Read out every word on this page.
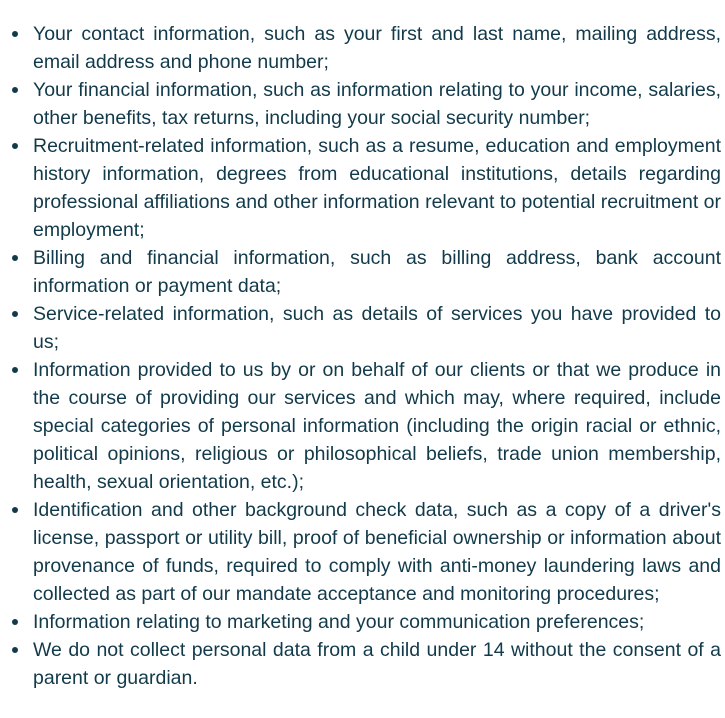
Your contact information, such as your first and last name, mailing address, email address and phone number;
Your financial information, such as information relating to your income, salaries, other benefits, tax returns, including your social security number;
Recruitment-related information, such as a resume, education and employment history information, degrees from educational institutions, details regarding professional affiliations and other information relevant to potential recruitment or employment;
Billing and financial information, such as billing address, bank account information or payment data;
Service-related information, such as details of services you have provided to us;
Information provided to us by or on behalf of our clients or that we produce in the course of providing our services and which may, where required, include special categories of personal information (including the origin racial or ethnic, political opinions, religious or philosophical beliefs, trade union membership, health, sexual orientation, etc.);
Identification and other background check data, such as a copy of a driver's license, passport or utility bill, proof of beneficial ownership or information about provenance of funds, required to comply with anti-money laundering laws and collected as part of our mandate acceptance and monitoring procedures;
Information relating to marketing and your communication preferences;
We do not collect personal data from a child under 14 without the consent of a parent or guardian.
